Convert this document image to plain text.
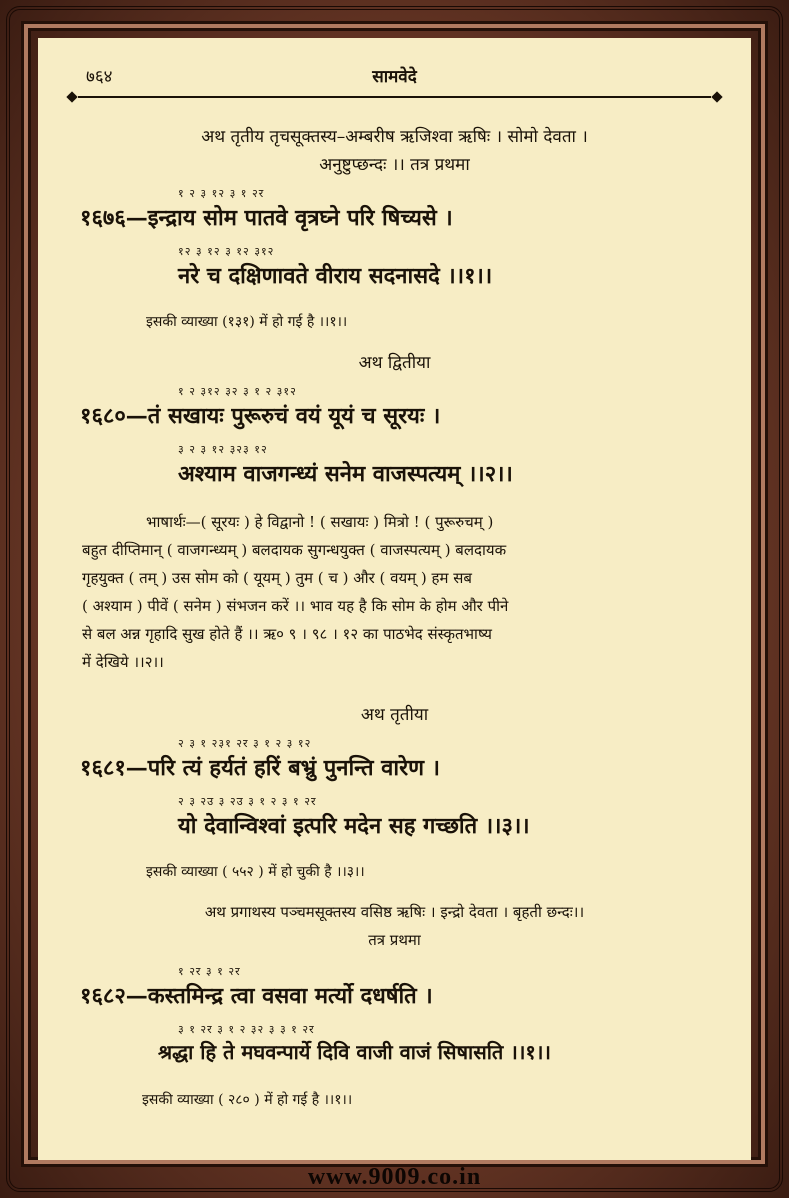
७६४	सामवेदे
अथ तृतीय तृचसूक्तस्य–अम्बरीष ऋजिश्वा ऋषिः । सोमो देवता ।
अनुष्टुप्छन्दः ।। तत्र प्रथमा
१ २ ३ १२ ३ १ २र
१६७६—इन्द्राय सोम पातवे वृत्रघ्ने परि षिच्यसे ।
१२ ३ १२ ३ १२ ३१२
नरे च दक्षिणावते वीराय सदनासदे ।।१।।
इसकी व्याख्या (१३१) में हो गई है ।।१।।
अथ द्वितीया
१ २ ३१२ ३२ ३ १ २ ३१२
१६८०—तं सखायः पुरूरुचं वयं यूयं च सूरयः ।
३ २ ३ १२ ३२३ १२
अश्याम वाजगन्ध्यं सनेम वाजस्पत्यम् ।।२।।
भाषार्थः—( सूरयः ) हे विद्वानो ! ( सखायः ) मित्रो ! ( पुरूरुचम् )
बहुत दीप्तिमान् ( वाजगन्ध्यम् ) बलदायक सुगन्धयुक्त ( वाजस्पत्यम् ) बलदायक
गृहयुक्त ( तम् ) उस सोम को ( यूयम् ) तुम ( च ) और ( वयम् ) हम सब
( अश्याम ) पीवें ( सनेम ) संभजन करें ।। भाव यह है कि सोम के होम और पीने
से बल अन्न गृहादि सुख होते हैं ।। ऋ० ९ । ९८ । १२ का पाठभेद संस्कृतभाष्य
में देखिये ।।२।।
अथ तृतीया
२ ३ १ २३१ २र ३ १ २ ३ १२
१६८१—परि त्यं हर्यतं हरिं बभ्रुं पुनन्ति वारेण ।
२ ३ २उ ३ २उ ३ १ २ ३ १ २र
यो देवान्विश्वां इत्परि मदेन सह गच्छति ।।३।।
इसकी व्याख्या ( ५५२ ) में हो चुकी है ।।३।।
अथ प्रगाथस्य पञ्चमसूक्तस्य वसिष्ठ ऋषिः । इन्द्रो देवता । बृहती छन्दः।।
तत्र प्रथमा
१ २र ३ १ २र
१६८२—कस्तमिन्द्र त्वा वसवा मर्त्यो दधर्षति ।
३ १ २र ३ १ २ ३२ ३ ३ १ २र
श्रद्धा हि ते मघवन्पार्ये दिवि वाजी वाजं सिषासति ।।१।।
इसकी व्याख्या ( २८० ) में हो गई है ।।१।।
www.9009.co.in
